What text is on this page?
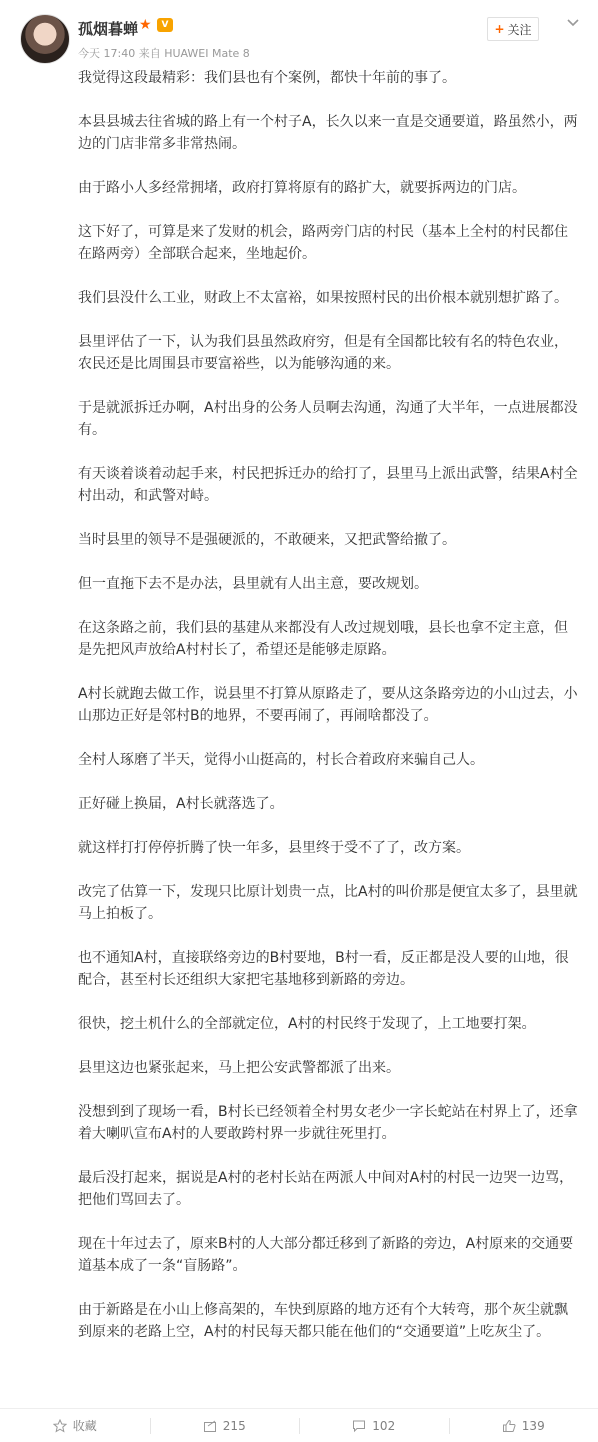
孤烟暮蝉 ★	V
今天 17:40 来自 HUAWEI Mate 8
+ 关注

我觉得这段最精彩：我们县也有个案例，都快十年前的事了。

本县县城去往省城的路上有一个村子A，长久以来一直是交通要道，路虽然小，两边的门店非常多非常热闹。

由于路小人多经常拥堵，政府打算将原有的路扩大，就要拆两边的门店。

这下好了，可算是来了发财的机会，路两旁门店的村民（基本上全村的村民都住在路两旁）全部联合起来，坐地起价。

我们县没什么工业，财政上不太富裕，如果按照村民的出价根本就别想扩路了。

县里评估了一下，认为我们县虽然政府穷，但是有全国都比较有名的特色农业，农民还是比周围县市要富裕些，以为能够沟通的来。

于是就派拆迁办啊，A村出身的公务人员啊去沟通，沟通了大半年，一点进展都没有。

有天谈着谈着动起手来，村民把拆迁办的给打了，县里马上派出武警，结果A村全村出动，和武警对峙。

当时县里的领导不是强硬派的，不敢硬来，又把武警给撤了。

但一直拖下去不是办法，县里就有人出主意，要改规划。

在这条路之前，我们县的基建从来都没有人改过规划哦，县长也拿不定主意，但是先把风声放给A村村长了，希望还是能够走原路。

A村长就跑去做工作，说县里不打算从原路走了，要从这条路旁边的小山过去，小山那边正好是邻村B的地界，不要再闹了，再闹啥都没了。

全村人琢磨了半天，觉得小山挺高的，村长合着政府来骗自己人。

正好碰上换届，A村长就落选了。

就这样打打停停折腾了快一年多，县里终于受不了了，改方案。

改完了估算一下，发现只比原计划贵一点，比A村的叫价那是便宜太多了，县里就马上拍板了。

也不通知A村，直接联络旁边的B村要地，B村一看，反正都是没人要的山地，很配合，甚至村长还组织大家把宅基地移到新路的旁边。

很快，挖土机什么的全部就定位，A村的村民终于发现了，上工地要打架。

县里这边也紧张起来，马上把公安武警都派了出来。

没想到到了现场一看，B村长已经领着全村男女老少一字长蛇站在村界上了，还拿着大喇叭宣布A村的人要敢跨村界一步就往死里打。

最后没打起来，据说是A村的老村长站在两派人中间对A村的村民一边哭一边骂，把他们骂回去了。

现在十年过去了，原来B村的人大部分都迁移到了新路的旁边，A村原来的交通要道基本成了一条“盲肠路”。

由于新路是在小山上修高架的，车快到原路的地方还有个大转弯，那个灰尘就飘到原来的老路上空，A村的村民每天都只能在他们的“交通要道”上吃灰尘了。

收藏	215	102	139
